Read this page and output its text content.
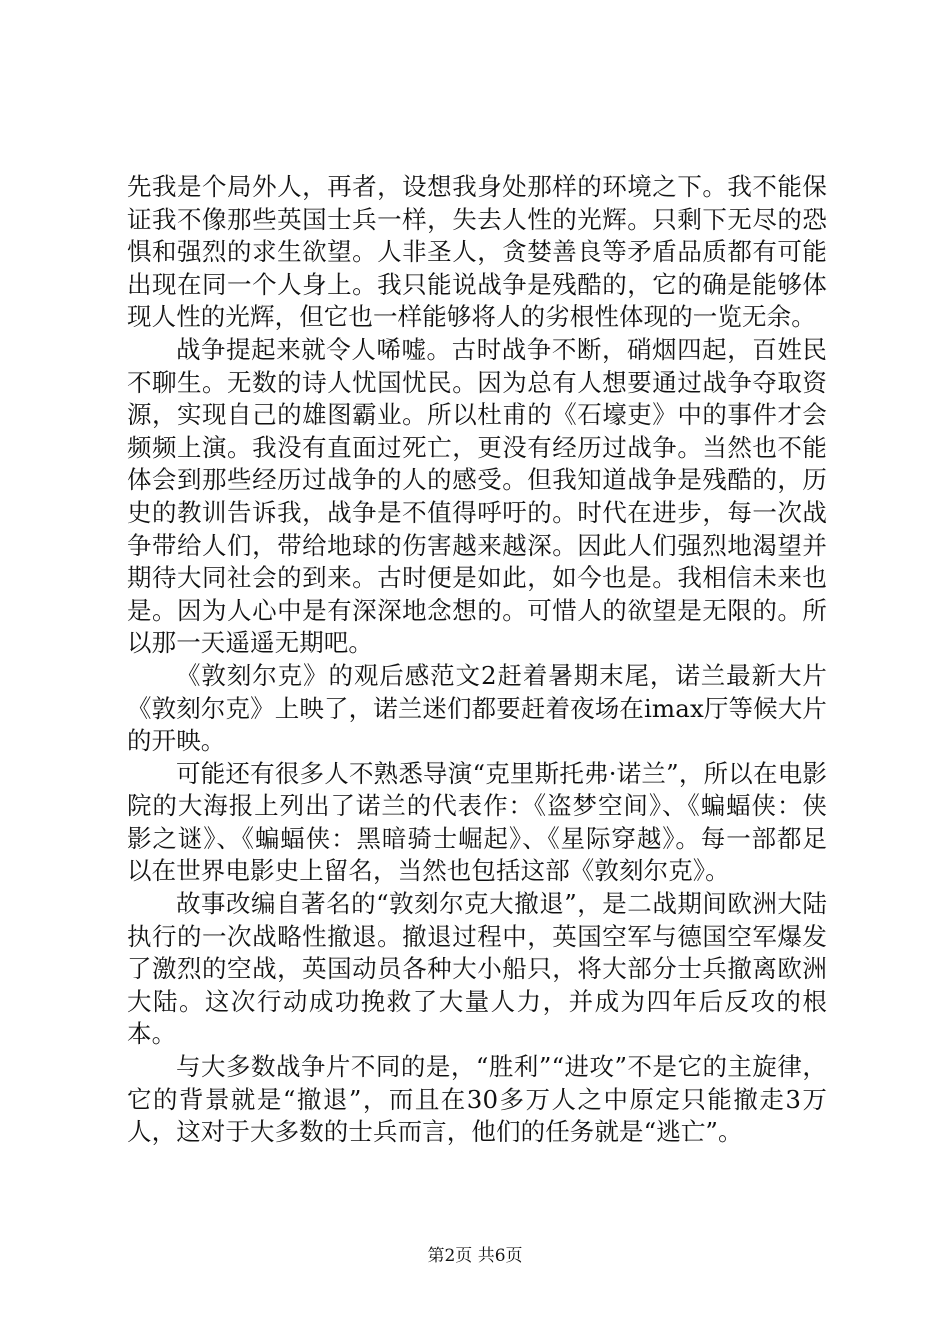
先我是个局外人，再者，设想我身处那样的环境之下。我不能保证我不像那些英国士兵一样，失去人性的光辉。只剩下无尽的恐惧和强烈的求生欲望。人非圣人，贪婪善良等矛盾品质都有可能出现在同一个人身上。我只能说战争是残酷的，它的确是能够体现人性的光辉，但它也一样能够将人的劣根性体现的一览无余。

战争提起来就令人唏嘘。古时战争不断，硝烟四起，百姓民不聊生。无数的诗人忧国忧民。因为总有人想要通过战争夺取资源，实现自己的雄图霸业。所以杜甫的《石壕吏》中的事件才会频频上演。我没有直面过死亡，更没有经历过战争。当然也不能体会到那些经历过战争的人的感受。但我知道战争是残酷的，历史的教训告诉我，战争是不值得呼吁的。时代在进步，每一次战争带给人们，带给地球的伤害越来越深。因此人们强烈地渴望并期待大同社会的到来。古时便是如此，如今也是。我相信未来也是。因为人心中是有深深地念想的。可惜人的欲望是无限的。所以那一天遥遥无期吧。

《敦刻尔克》的观后感范文2赶着暑期末尾，诺兰最新大片《敦刻尔克》上映了，诺兰迷们都要赶着夜场在imax厅等候大片的开映。

可能还有很多人不熟悉导演“克里斯托弗·诺兰”，所以在电影院的大海报上列出了诺兰的代表作：《盗梦空间》、《蝙蝠侠：侠影之谜》、《蝙蝠侠：黑暗骑士崛起》、《星际穿越》。每一部都足以在世界电影史上留名，当然也包括这部《敦刻尔克》。

故事改编自著名的“敦刻尔克大撤退”，是二战期间欧洲大陆执行的一次战略性撤退。撤退过程中，英国空军与德国空军爆发了激烈的空战，英国动员各种大小船只，将大部分士兵撤离欧洲大陆。这次行动成功挽救了大量人力，并成为四年后反攻的根本。

与大多数战争片不同的是，“胜利”“进攻”不是它的主旋律，它的背景就是“撤退”，而且在30多万人之中原定只能撤走3万人，这对于大多数的士兵而言，他们的任务就是“逃亡”。

第2页 共6页
